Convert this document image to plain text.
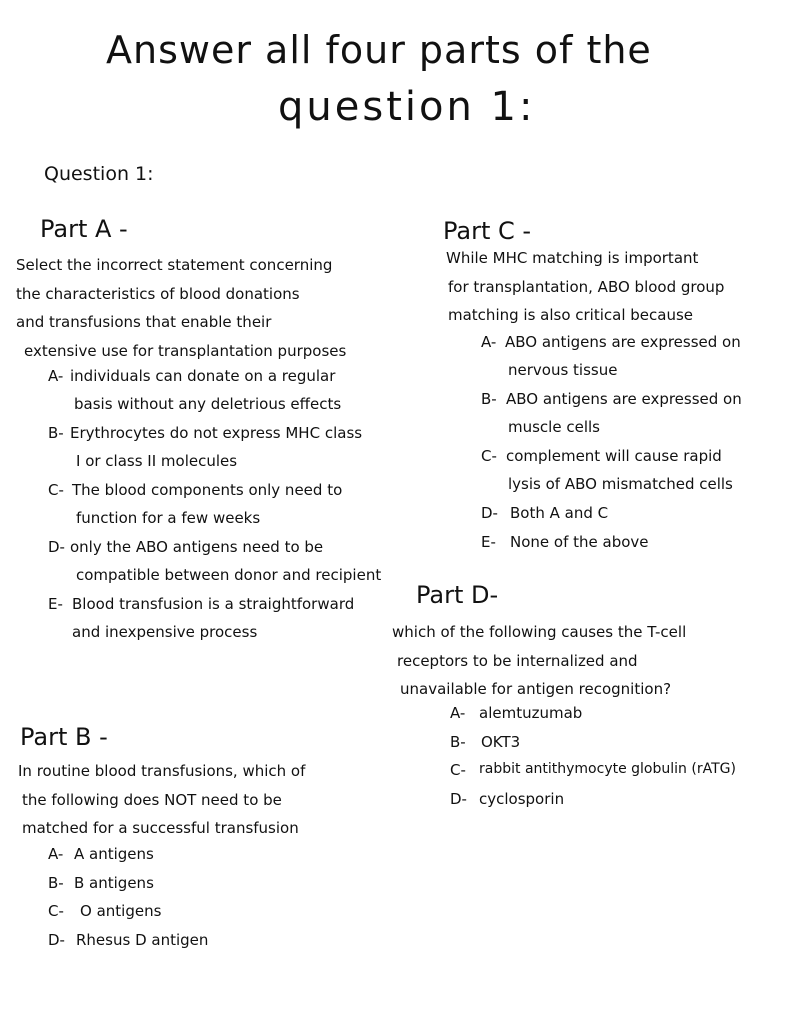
Answer all four parts of the
question 1:
Question 1:
Part A -
Select the incorrect statement concerning
the characteristics of blood donations
and transfusions that enable their
extensive use for transplantation purposes
A- individuals can donate on a regular
basis without any deletrious effects
B- Erythrocytes do not express MHC class
I or class II molecules
C- The blood components only need to
function for a few weeks
D- only the ABO antigens need to be
compatible between donor and recipient
E- Blood transfusion is a straightforward
and inexpensive process
Part B -
In routine blood transfusions, which of
the following does NOT need to be
matched for a successful transfusion
A- A antigens
B- B antigens
C- O antigens
D- Rhesus D antigen
Part C -
While MHC matching is important
for transplantation, ABO blood group
matching is also critical because
A- ABO antigens are expressed on
nervous tissue
B- ABO antigens are expressed on
muscle cells
C- complement will cause rapid
lysis of ABO mismatched cells
D- Both A and C
E- None of the above
Part D-
which of the following causes the T-cell
receptors to be internalized and
unavailable for antigen recognition?
A- alemtuzumab
B- OKT3
C- rabbit antithymocyte globulin (rATG)
D- cyclosporin
